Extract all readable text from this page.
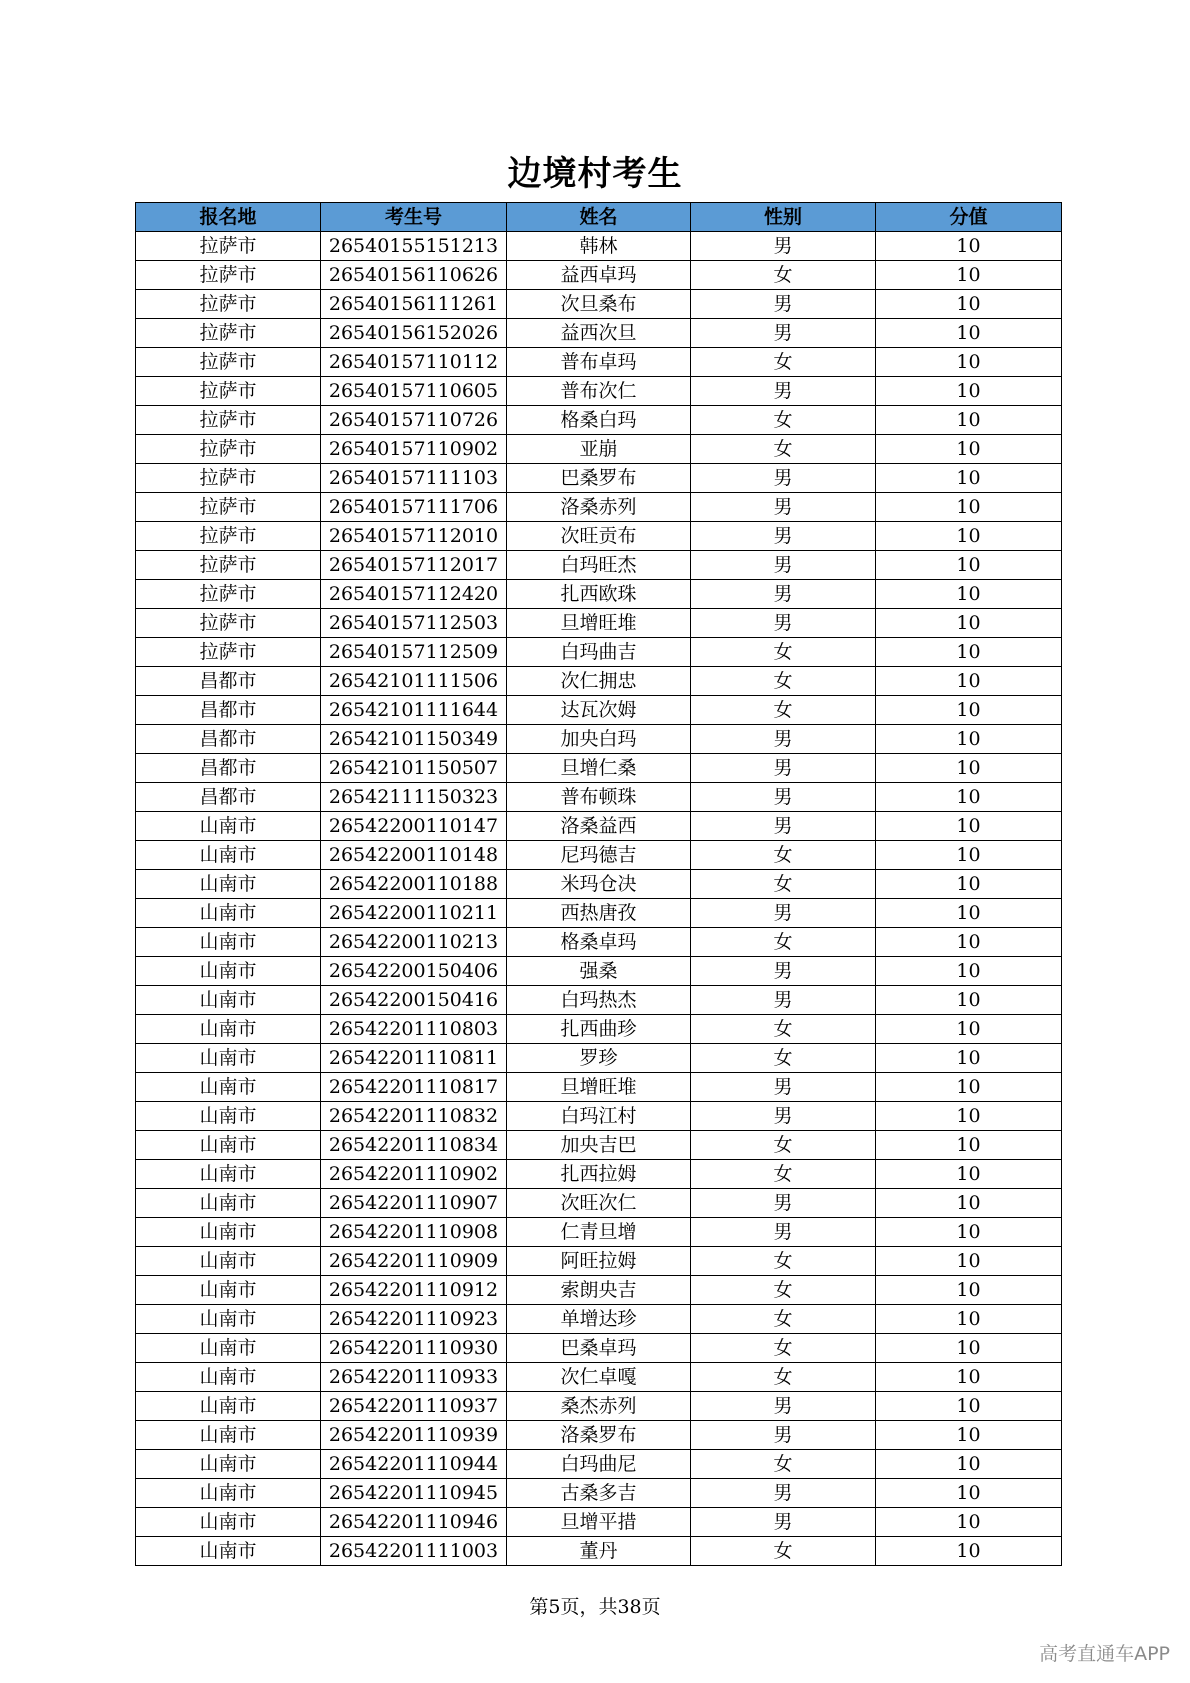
边境村考生
报名地	考生号	姓名	性别	分值
拉萨市	26540155151213	韩林	男	10
拉萨市	26540156110626	益西卓玛	女	10
拉萨市	26540156111261	次旦桑布	男	10
拉萨市	26540156152026	益西次旦	男	10
拉萨市	26540157110112	普布卓玛	女	10
拉萨市	26540157110605	普布次仁	男	10
拉萨市	26540157110726	格桑白玛	女	10
拉萨市	26540157110902	亚崩	女	10
拉萨市	26540157111103	巴桑罗布	男	10
拉萨市	26540157111706	洛桑赤列	男	10
拉萨市	26540157112010	次旺贡布	男	10
拉萨市	26540157112017	白玛旺杰	男	10
拉萨市	26540157112420	扎西欧珠	男	10
拉萨市	26540157112503	旦增旺堆	男	10
拉萨市	26540157112509	白玛曲吉	女	10
昌都市	26542101111506	次仁拥忠	女	10
昌都市	26542101111644	达瓦次姆	女	10
昌都市	26542101150349	加央白玛	男	10
昌都市	26542101150507	旦增仁桑	男	10
昌都市	26542111150323	普布顿珠	男	10
山南市	26542200110147	洛桑益西	男	10
山南市	26542200110148	尼玛德吉	女	10
山南市	26542200110188	米玛仓决	女	10
山南市	26542200110211	西热唐孜	男	10
山南市	26542200110213	格桑卓玛	女	10
山南市	26542200150406	强桑	男	10
山南市	26542200150416	白玛热杰	男	10
山南市	26542201110803	扎西曲珍	女	10
山南市	26542201110811	罗珍	女	10
山南市	26542201110817	旦增旺堆	男	10
山南市	26542201110832	白玛江村	男	10
山南市	26542201110834	加央吉巴	女	10
山南市	26542201110902	扎西拉姆	女	10
山南市	26542201110907	次旺次仁	男	10
山南市	26542201110908	仁青旦增	男	10
山南市	26542201110909	阿旺拉姆	女	10
山南市	26542201110912	索朗央吉	女	10
山南市	26542201110923	单增达珍	女	10
山南市	26542201110930	巴桑卓玛	女	10
山南市	26542201110933	次仁卓嘎	女	10
山南市	26542201110937	桑杰赤列	男	10
山南市	26542201110939	洛桑罗布	男	10
山南市	26542201110944	白玛曲尼	女	10
山南市	26542201110945	古桑多吉	男	10
山南市	26542201110946	旦增平措	男	10
山南市	26542201111003	董丹	女	10
第5页，共38页
高考直通车APP
